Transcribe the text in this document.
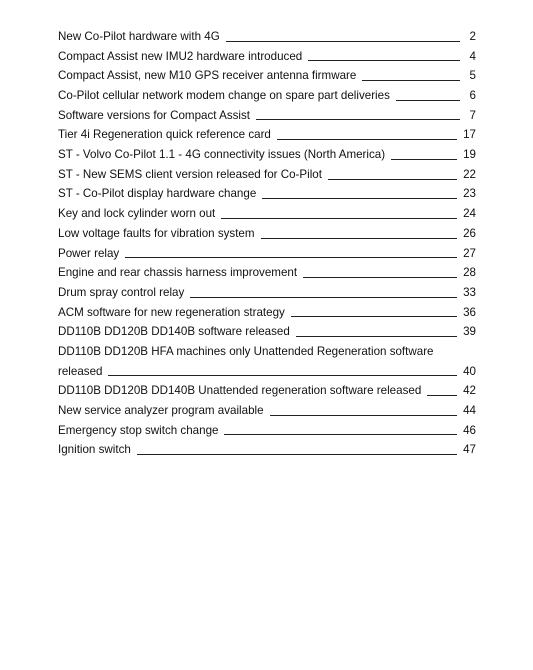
New Co-Pilot hardware with 4G	2
Compact Assist new IMU2 hardware introduced	4
Compact Assist, new M10 GPS receiver antenna firmware	5
Co-Pilot cellular network modem change on spare part deliveries	6
Software versions for Compact Assist	7
Tier 4i Regeneration quick reference card	17
ST - Volvo Co-Pilot 1.1 - 4G connectivity issues (North America)	19
ST - New SEMS client version released for Co-Pilot	22
ST - Co-Pilot display hardware change	23
Key and lock cylinder worn out	24
Low voltage faults for vibration system	26
Power relay	27
Engine and rear chassis harness improvement	28
Drum spray control relay	33
ACM software for new regeneration strategy	36
DD110B DD120B DD140B software released	39
DD110B DD120B HFA machines only Unattended Regeneration software
released	40
DD110B DD120B DD140B Unattended regeneration software released	42
New service analyzer program available	44
Emergency stop switch change	46
Ignition switch	47
